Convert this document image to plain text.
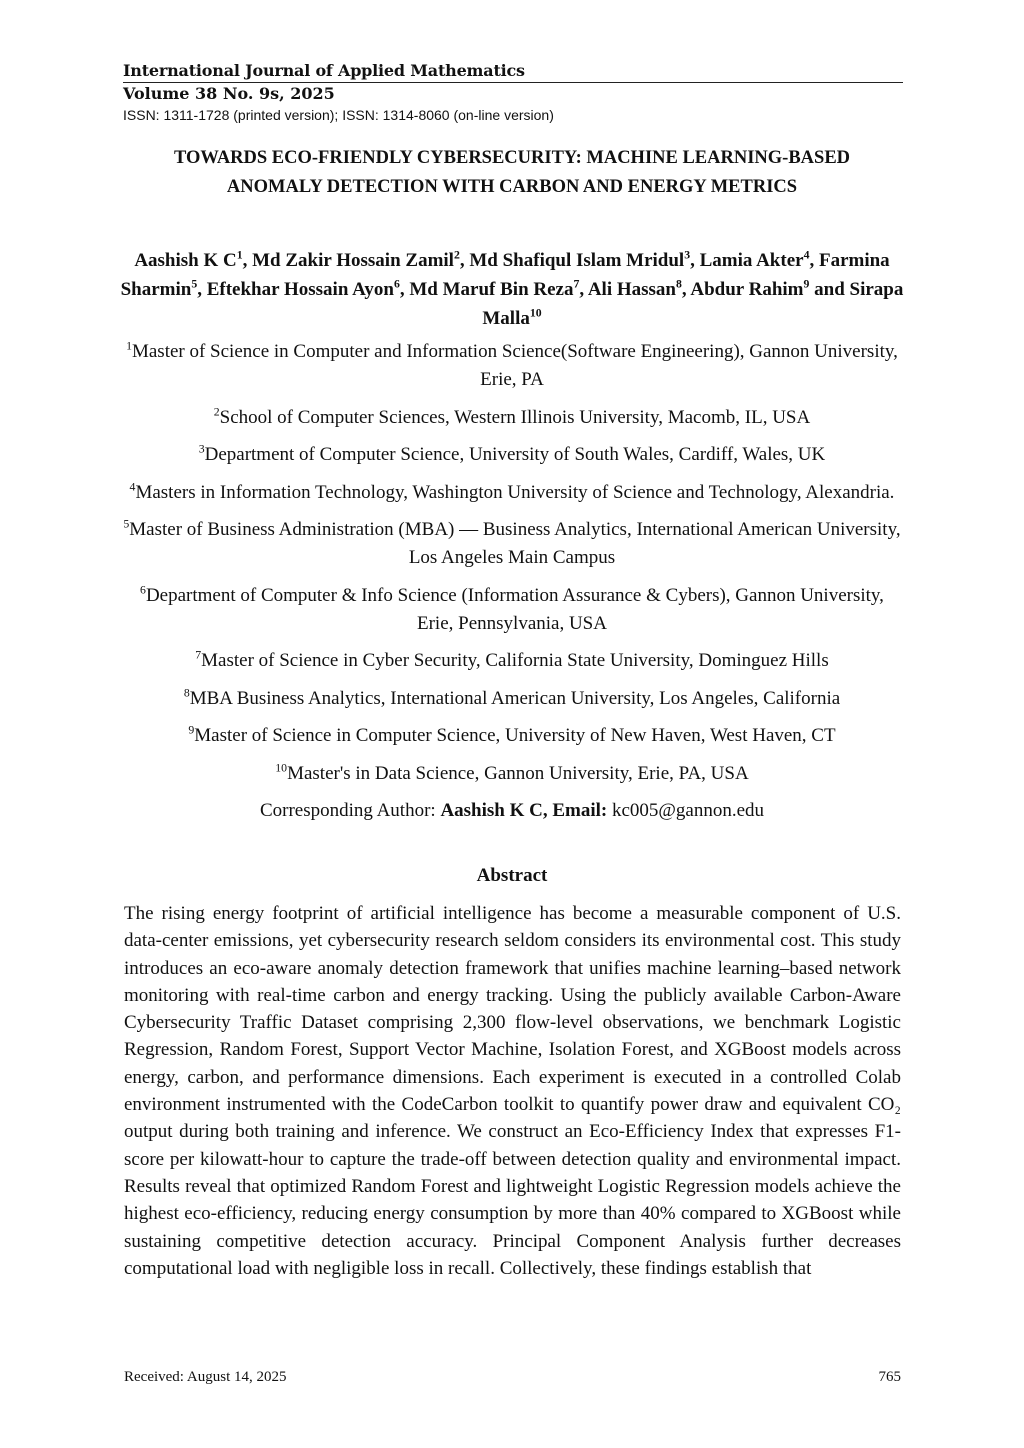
International Journal of Applied Mathematics
Volume 38 No. 9s, 2025
ISSN: 1311-1728 (printed version); ISSN: 1314-8060 (on-line version)
TOWARDS ECO-FRIENDLY CYBERSECURITY: MACHINE LEARNING-BASED
ANOMALY DETECTION WITH CARBON AND ENERGY METRICS
Aashish K $C^1$, Md Zakir Hossain Zamil$^2$, Md Shafiqul Islam Mridul$^3$, Lamia Akter$^4$, Farmina Sharmin$^5$, Eftekhar Hossain Ayon$^6$, Md Maruf Bin Reza$^7$, Ali Hassan$^8$, Abdur Rahim$^9$ and Sirapa Malla$^{10}$
$^1$Master of Science in Computer and Information Science(Software Engineering), Gannon University, Erie, PA
$^2$School of Computer Sciences, Western Illinois University, Macomb, IL, USA
$^3$Department of Computer Science, University of South Wales, Cardiff, Wales, UK
$^4$Masters in Information Technology, Washington University of Science and Technology, Alexandria.
$^5$Master of Business Administration (MBA) — Business Analytics, International American University, Los Angeles Main Campus
$^6$Department of Computer & Info Science (Information Assurance & Cybers), Gannon University, Erie, Pennsylvania, USA
$^7$Master of Science in Cyber Security, California State University, Dominguez Hills
$^8$MBA Business Analytics, International American University, Los Angeles, California
$^9$Master of Science in Computer Science, University of New Haven, West Haven, CT
$^{10}$Master's in Data Science, Gannon University, Erie, PA, USA
Corresponding Author: Aashish K C, Email: kc005@gannon.edu
Abstract
The rising energy footprint of artificial intelligence has become a measurable component of U.S. data-center emissions, yet cybersecurity research seldom considers its environmental cost. This study introduces an eco-aware anomaly detection framework that unifies machine learning–based network monitoring with real-time carbon and energy tracking. Using the publicly available Carbon-Aware Cybersecurity Traffic Dataset comprising 2,300 flow-level observations, we benchmark Logistic Regression, Random Forest, Support Vector Machine, Isolation Forest, and XGBoost models across energy, carbon, and performance dimensions. Each experiment is executed in a controlled Colab environment instrumented with the CodeCarbon toolkit to quantify power draw and equivalent CO₂ output during both training and inference. We construct an Eco-Efficiency Index that expresses F1-score per kilowatt-hour to capture the trade-off between detection quality and environmental impact. Results reveal that optimized Random Forest and lightweight Logistic Regression models achieve the highest eco-efficiency, reducing energy consumption by more than 40% compared to XGBoost while sustaining competitive detection accuracy. Principal Component Analysis further decreases computational load with negligible loss in recall. Collectively, these findings establish that
Received: August 14, 2025	765
